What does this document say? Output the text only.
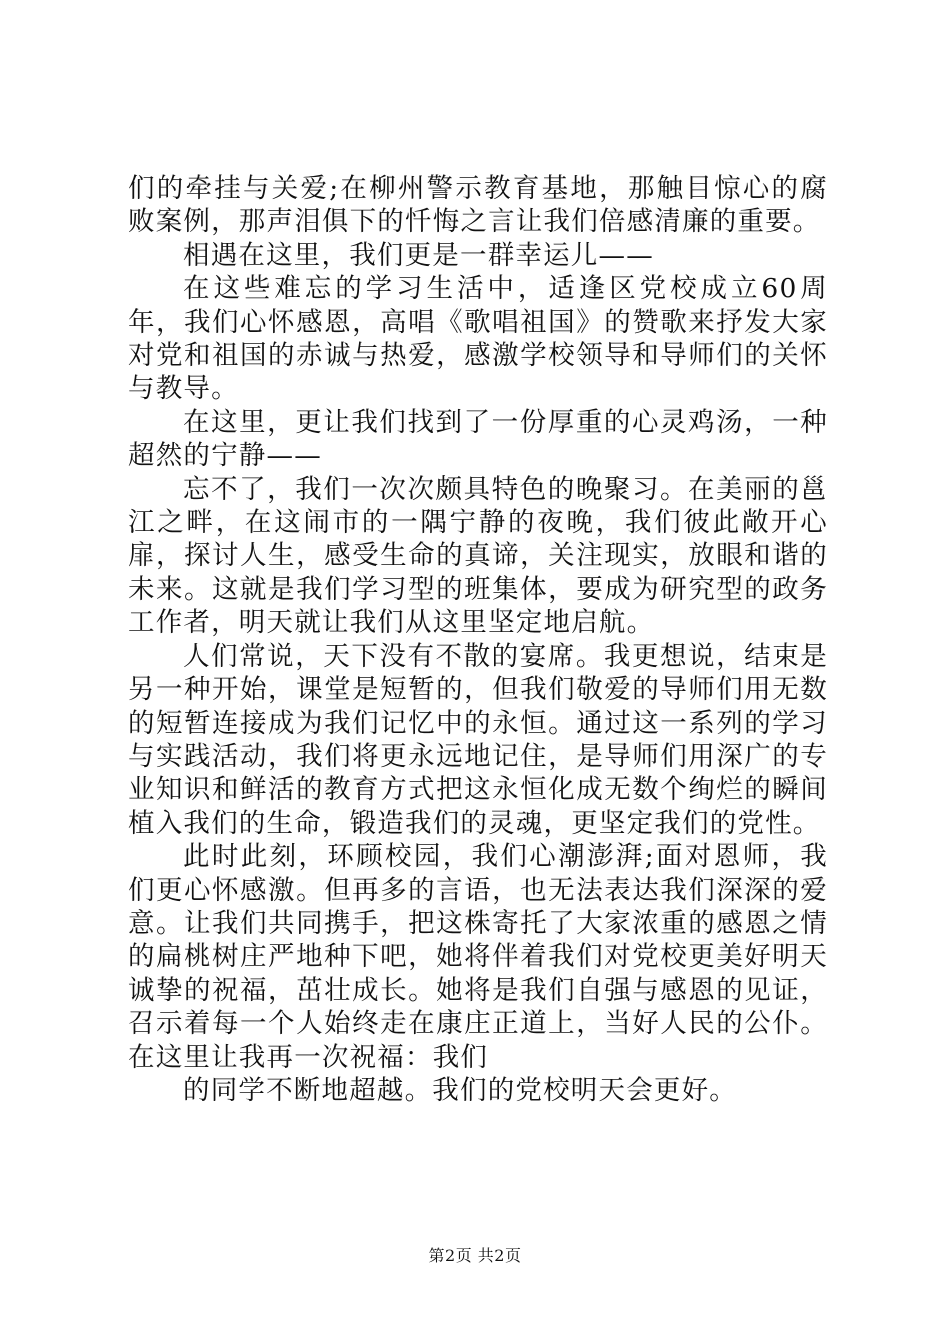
们的牵挂与关爱;在柳州警示教育基地，那触目惊心的腐败案例，那声泪俱下的忏悔之言让我们倍感清廉的重要。

相遇在这里，我们更是一群幸运儿——

在这些难忘的学习生活中，适逢区党校成立60周年，我们心怀感恩，高唱《歌唱祖国》的赞歌来抒发大家对党和祖国的赤诚与热爱，感激学校领导和导师们的关怀与教导。

在这里，更让我们找到了一份厚重的心灵鸡汤，一种超然的宁静——

忘不了，我们一次次颇具特色的晚聚习。在美丽的邕江之畔，在这闹市的一隅宁静的夜晚，我们彼此敞开心扉，探讨人生，感受生命的真谛，关注现实，放眼和谐的未来。这就是我们学习型的班集体，要成为研究型的政务工作者，明天就让我们从这里坚定地启航。

人们常说，天下没有不散的宴席。我更想说，结束是另一种开始，课堂是短暂的，但我们敬爱的导师们用无数的短暂连接成为我们记忆中的永恒。通过这一系列的学习与实践活动，我们将更永远地记住，是导师们用深广的专业知识和鲜活的教育方式把这永恒化成无数个绚烂的瞬间植入我们的生命，锻造我们的灵魂，更坚定我们的党性。

此时此刻，环顾校园，我们心潮澎湃;面对恩师，我们更心怀感激。但再多的言语，也无法表达我们深深的爱意。让我们共同携手，把这株寄托了大家浓重的感恩之情的扁桃树庄严地种下吧，她将伴着我们对党校更美好明天诚挚的祝福，茁壮成长。她将是我们自强与感恩的见证，召示着每一个人始终走在康庄正道上，当好人民的公仆。在这里让我再一次祝福：我们

的同学不断地超越。我们的党校明天会更好。

第2页 共2页
